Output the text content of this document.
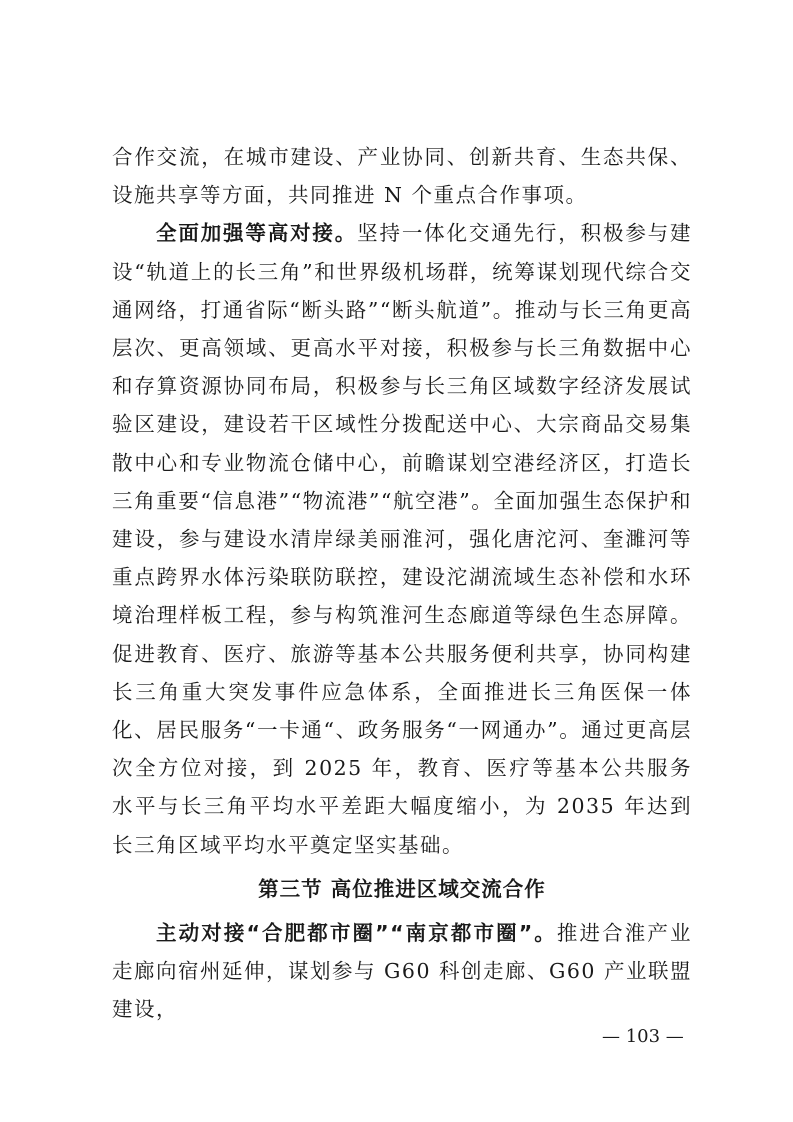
合作交流，在城市建设、产业协同、创新共育、生态共保、设施共享等方面，共同推进 N 个重点合作事项。

全面加强等高对接。坚持一体化交通先行，积极参与建设“轨道上的长三角”和世界级机场群，统筹谋划现代综合交通网络，打通省际“断头路”“断头航道”。推动与长三角更高层次、更高领域、更高水平对接，积极参与长三角数据中心和存算资源协同布局，积极参与长三角区域数字经济发展试验区建设，建设若干区域性分拨配送中心、大宗商品交易集散中心和专业物流仓储中心，前瞻谋划空港经济区，打造长三角重要“信息港”“物流港”“航空港”。全面加强生态保护和建设，参与建设水清岸绿美丽淮河，强化唐沱河、奎濉河等重点跨界水体污染联防联控，建设沱湖流域生态补偿和水环境治理样板工程，参与构筑淮河生态廊道等绿色生态屏障。促进教育、医疗、旅游等基本公共服务便利共享，协同构建长三角重大突发事件应急体系，全面推进长三角医保一体化、居民服务“一卡通“、政务服务“一网通办”。通过更高层次全方位对接，到 2025 年，教育、医疗等基本公共服务水平与长三角平均水平差距大幅度缩小，为 2035 年达到长三角区域平均水平奠定坚实基础。

第三节 高位推进区域交流合作

主动对接“合肥都市圈”“南京都市圈”。推进合淮产业走廊向宿州延伸，谋划参与 G60 科创走廊、G60 产业联盟建设，

— 103 —
